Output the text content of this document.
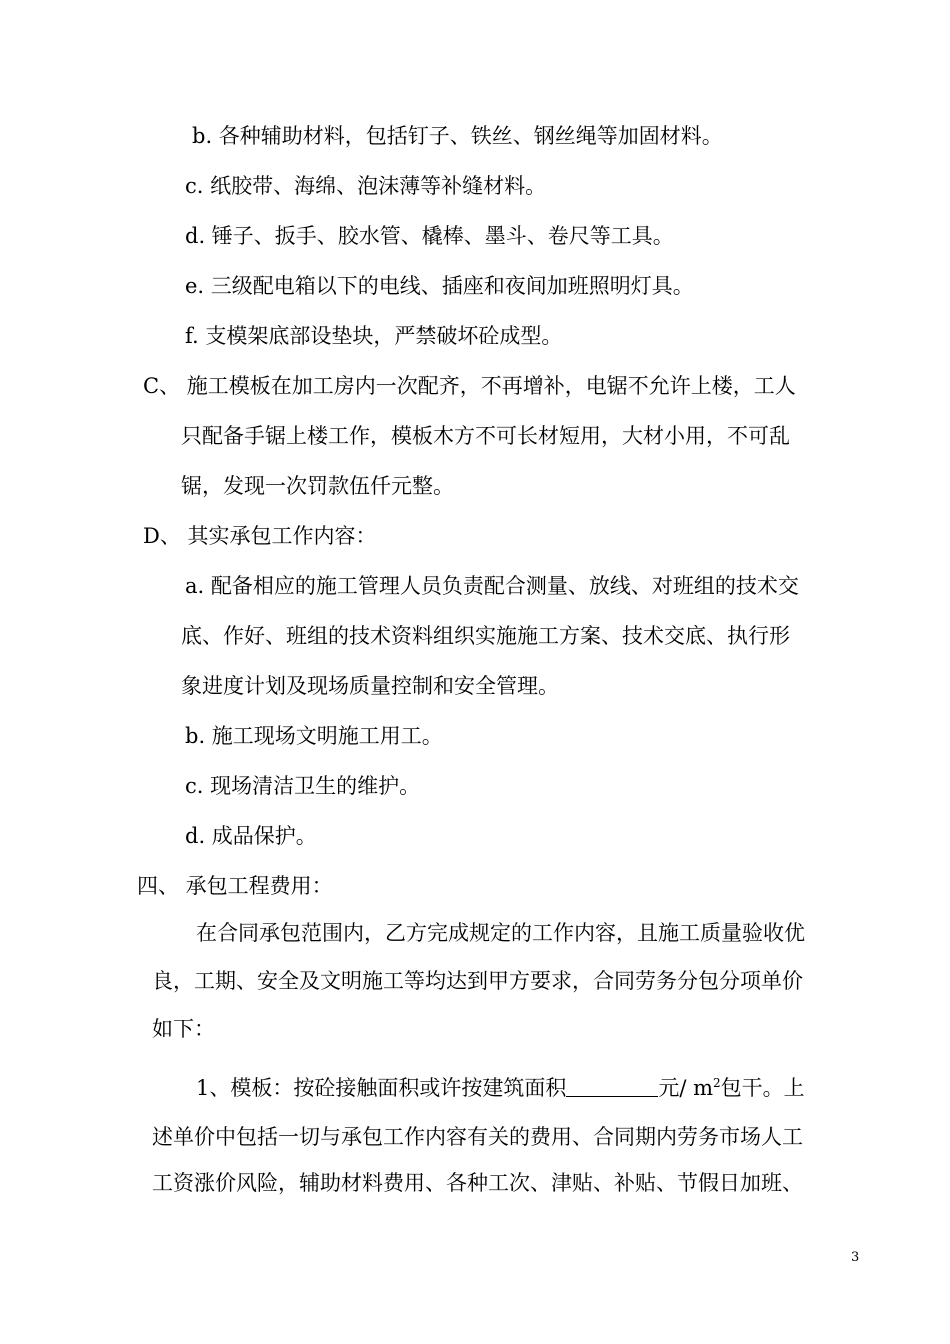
b. 各种辅助材料，包括钉子、铁丝、钢丝绳等加固材料。
c. 纸胶带、海绵、泡沫薄等补缝材料。
d. 锤子、扳手、胶水管、橇棒、墨斗、卷尺等工具。
e. 三级配电箱以下的电线、插座和夜间加班照明灯具。
f. 支模架底部设垫块，严禁破坏砼成型。
C、 施工模板在加工房内一次配齐，不再增补，电锯不允许上楼，工人
只配备手锯上楼工作，模板木方不可长材短用，大材小用，不可乱
锯，发现一次罚款伍仟元整。
D、 其实承包工作内容：
a. 配备相应的施工管理人员负责配合测量、放线、对班组的技术交
底、作好、班组的技术资料组织实施施工方案、技术交底、执行形
象进度计划及现场质量控制和安全管理。
b. 施工现场文明施工用工。
c. 现场清洁卫生的维护。
d. 成品保护。
四、 承包工程费用：
在合同承包范围内，乙方完成规定的工作内容，且施工质量验收优
良，工期、安全及文明施工等均达到甲方要求，合同劳务分包分项单价
如下：
1、模板：按砼接触面积或许按建筑面积	元/ $m^2$包干。上
述单价中包括一切与承包工作内容有关的费用、合同期内劳务市场人工
工资涨价风险，辅助材料费用、各种工次、津贴、补贴、节假日加班、
3
